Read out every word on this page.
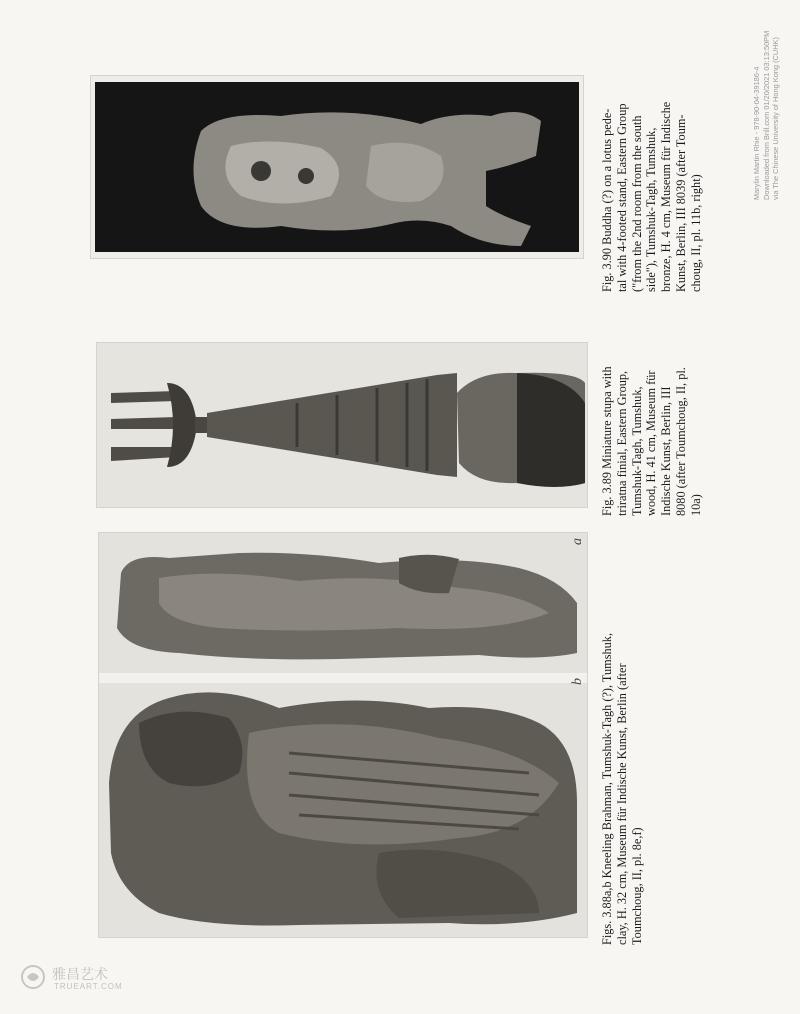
a
b Figs. 3.88a,b Kneeling Brahman, Tumshuk-Tagh (?), Tumshuk, clay, H. 32 cm, Museum für Indische Kunst, Berlin (after Toumchoug, II, pl. 8e,f)
Fig. 3.89 Miniature stupa with triratna finial, Eastern Group, Tumshuk-Tagh, Tumshuk, wood, H. 41 cm, Museum für Indische Kunst, Berlin, III 8080 (after Toumchoug, II, pl. 10a)
Fig. 3.90 Buddha (?) on a lotus pede- tal with 4-footed stand, Eastern Group ("from the 2nd room from the south side"), Tumshuk-Tagh, Tumshuk, bronze, H. 4 cm, Museum für Indische Kunst, Berlin, III 8039 (after Toum- choug, II, pl. 11b, right)
Marylin Martin Rhie - 978-90-04-39186-4 Downloaded from Brill.com 01/20/2021 03:13:50PM via The Chinese University of Hong Kong (CUHK)
雅昌艺术
TRUEART.COM
